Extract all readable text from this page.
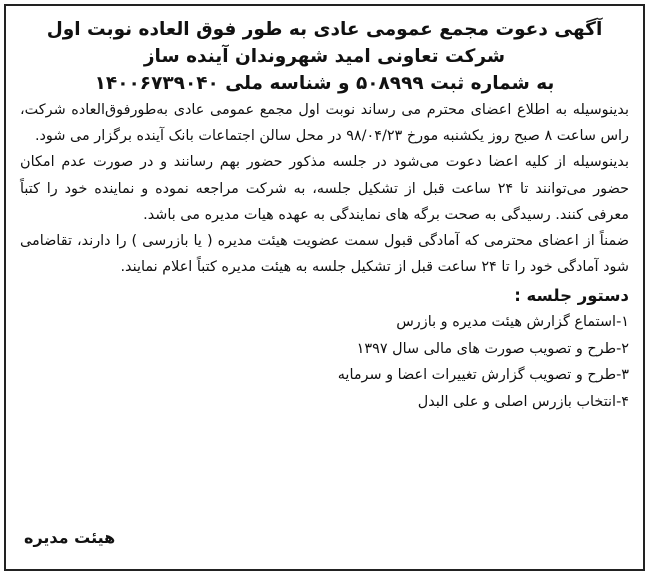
آگهی دعوت مجمع عمومی عادی به طور فوق العاده نوبت اول
شرکت تعاونی امید شهروندان آینده ساز
به شماره ثبت ۵۰۸۹۹۹ و شناسه ملی ۱۴۰۰۶۷۳۹۰۴۰

بدینوسیله به اطلاع اعضای محترم می رساند نوبت اول مجمع عمومی عادی به‌طورفوق‌العاده شرکت، راس ساعت ۸ صبح روز یکشنبه مورخ ۹۸/۰۴/۲۳ در محل سالن اجتماعات بانک آینده برگزار می شود.

بدینوسیله از کلیه اعضا دعوت می‌شود در جلسه مذکور حضور بهم رسانند و در صورت عدم امکان حضور می‌توانند تا ۲۴ ساعت قبل از تشکیل جلسه، به شرکت مراجعه نموده و نماینده خود را کتباً معرفی کنند. رسیدگی به صحت برگه های نمایندگی به عهده هیات مدیره می باشد.

ضمناً از اعضای محترمی که آمادگی قبول سمت عضویت هیئت مدیره ( یا بازرسی ) را دارند، تقاضامی شود آمادگی خود را تا ۲۴ ساعت قبل از تشکیل جلسه به هیئت مدیره کتباً اعلام نمایند.

دستور جلسه :
۱-استماع گزارش هیئت مدیره و بازرس
۲-طرح و تصویب صورت های مالی سال ۱۳۹۷
۳-طرح و تصویب گزارش تغییرات اعضا و سرمایه
۴-انتخاب بازرس اصلی و علی البدل
هیئت مدیره
